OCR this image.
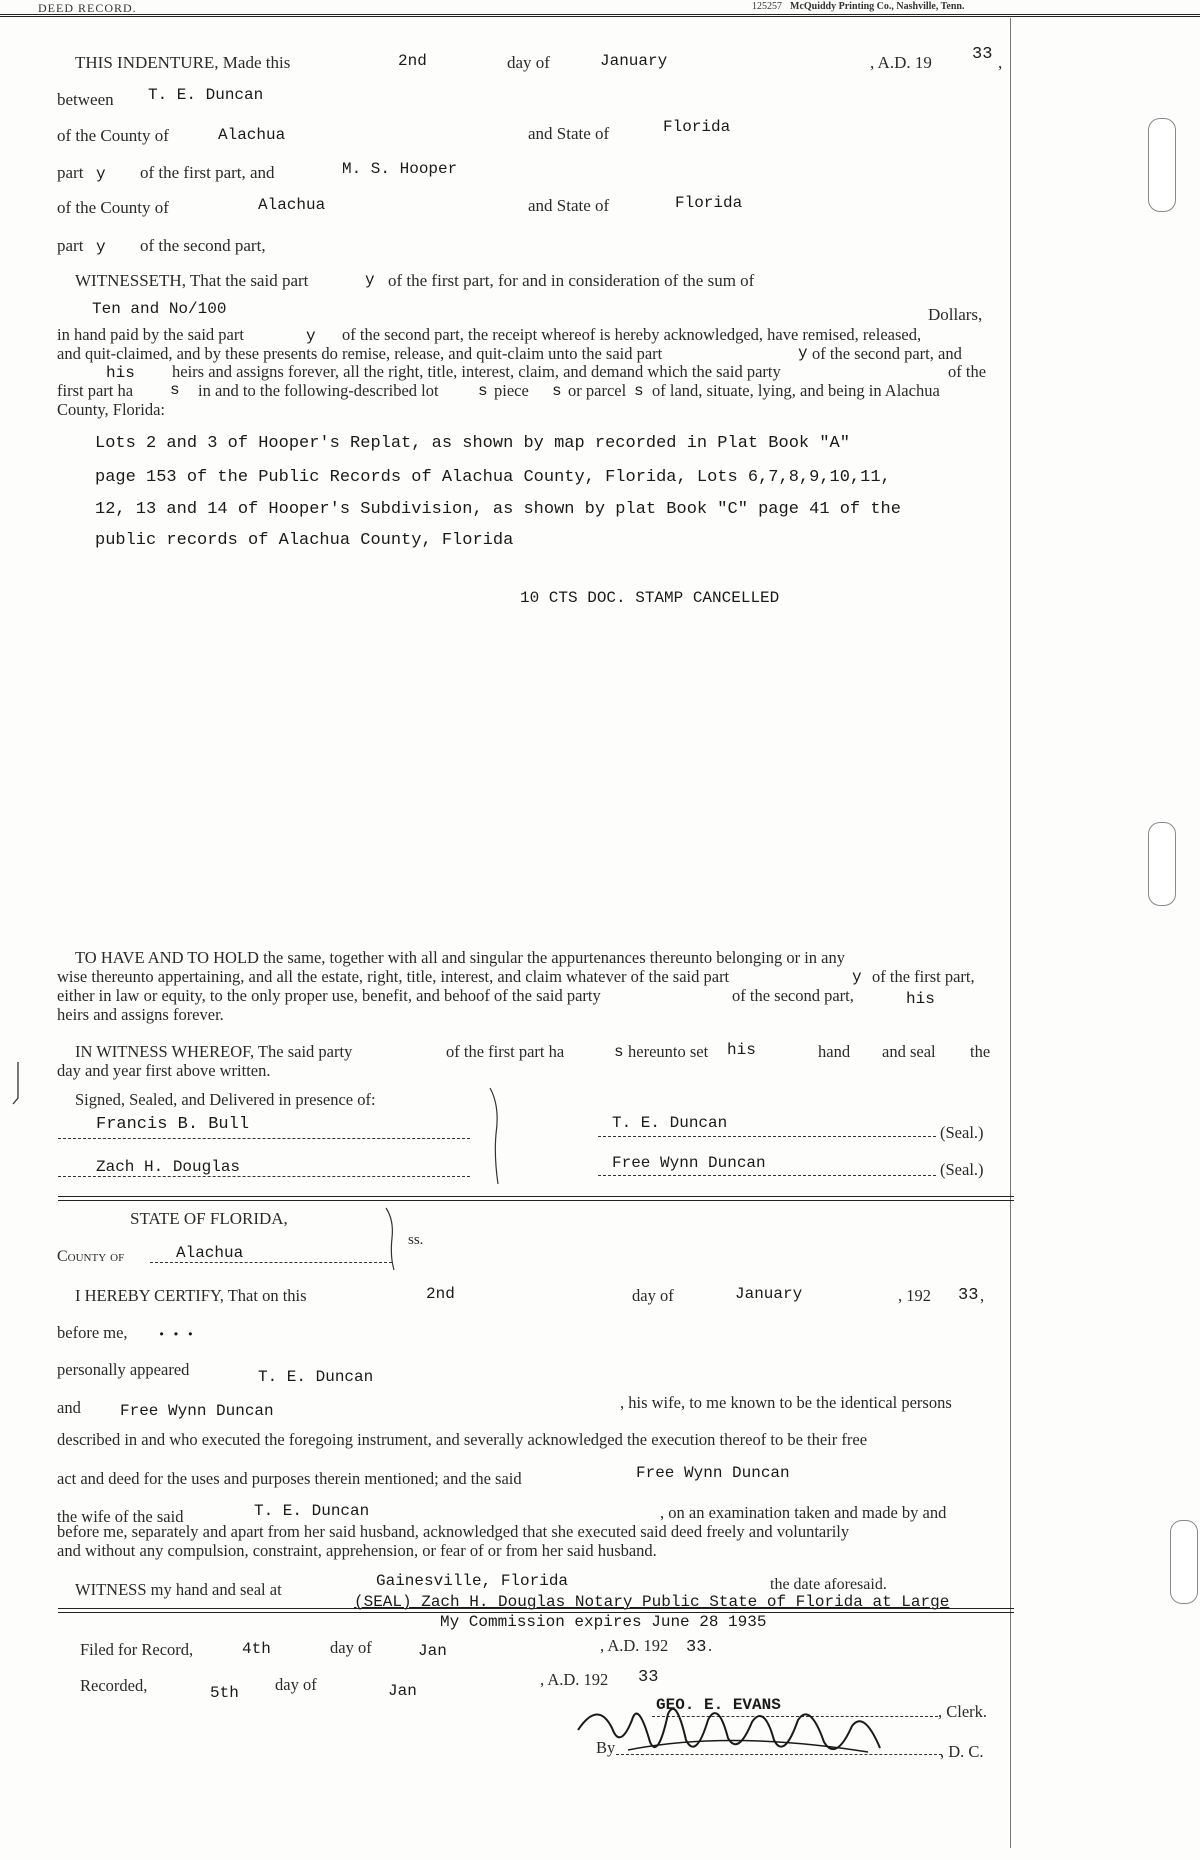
DEED RECORD.	125257 McQuiddy Printing Co., Nashville, Tenn.
THIS INDENTURE, Made this	2nd	day of	January	, A.D. 19 33 ,
between T. E. Duncan
of the County of	Alachua	and State of	Florida
part y of the first part, and	M. S. Hooper
of the County of	Alachua	and State of	Florida
part y of the second part,
WITNESSETH, That the said part	y of the first part, for and in consideration of the sum of
Ten and No/100	Dollars,
in hand paid by the said part	y of the second part, the receipt whereof is hereby acknowledged, have remised, released,
and quit-claimed, and by these presents do remise, release, and quit-claim unto the said part	y of the second part, and
his heirs and assigns forever, all the right, title, interest, claim, and demand which the said party	of the
first part ha s in and to the following-described lot s piece s or parcel s of land, situate, lying, and being in Alachua
County, Florida:
Lots 2 and 3 of Hooper's Replat, as shown by map recorded in Plat Book "A"
page 153 of the Public Records of Alachua County, Florida, Lots 6,7,8,9,10,11,
12, 13 and 14 of Hooper's Subdivision, as shown by plat Book "C" page 41 of the
public records of Alachua County, Florida
10 CTS DOC. STAMP CANCELLED
TO HAVE AND TO HOLD the same, together with all and singular the appurtenances thereunto belonging or in any
wise thereunto appertaining, and all the estate, right, title, interest, and claim whatever of the said part	y of the first part,
either in law or equity, to the only proper use, benefit, and behoof of the said party	of the second part,	his
heirs and assigns forever.
IN WITNESS WHEREOF, The said party	of the first part ha	s hereunto set his	hand and seal the
day and year first above written.
Signed, Sealed, and Delivered in presence of:
Francis B. Bull
Zach H. Douglas
T. E. Duncan	(Seal.)
Free Wynn Duncan	(Seal.)
STATE OF FLORIDA,
County of	Alachua
ss.
I HEREBY CERTIFY, That on this	2nd	day of	January	, 192 33 ,
before me,	• • •
personally appeared	T. E. Duncan
and Free Wynn Duncan	, his wife, to me known to be the identical persons
described in and who executed the foregoing instrument, and severally acknowledged the execution thereof to be their free
act and deed for the uses and purposes therein mentioned; and the said	Free Wynn Duncan
the wife of the said	T. E. Duncan	, on an examination taken and made by and
before me, separately and apart from her said husband, acknowledged that she executed said deed freely and voluntarily
and without any compulsion, constraint, apprehension, or fear of or from her said husband.
WITNESS my hand and seal at	Gainesville, Florida	the date aforesaid.
(SEAL) Zach H. Douglas Notary Public State of Florida at Large
My Commission expires June 28 1935
Filed for Record,	4th	day of	Jan	, A.D. 192 33 .
Recorded,	5th day of	Jan
, A.D. 192 33
GEO. E. EVANS	, Clerk.
By	, D. C.
